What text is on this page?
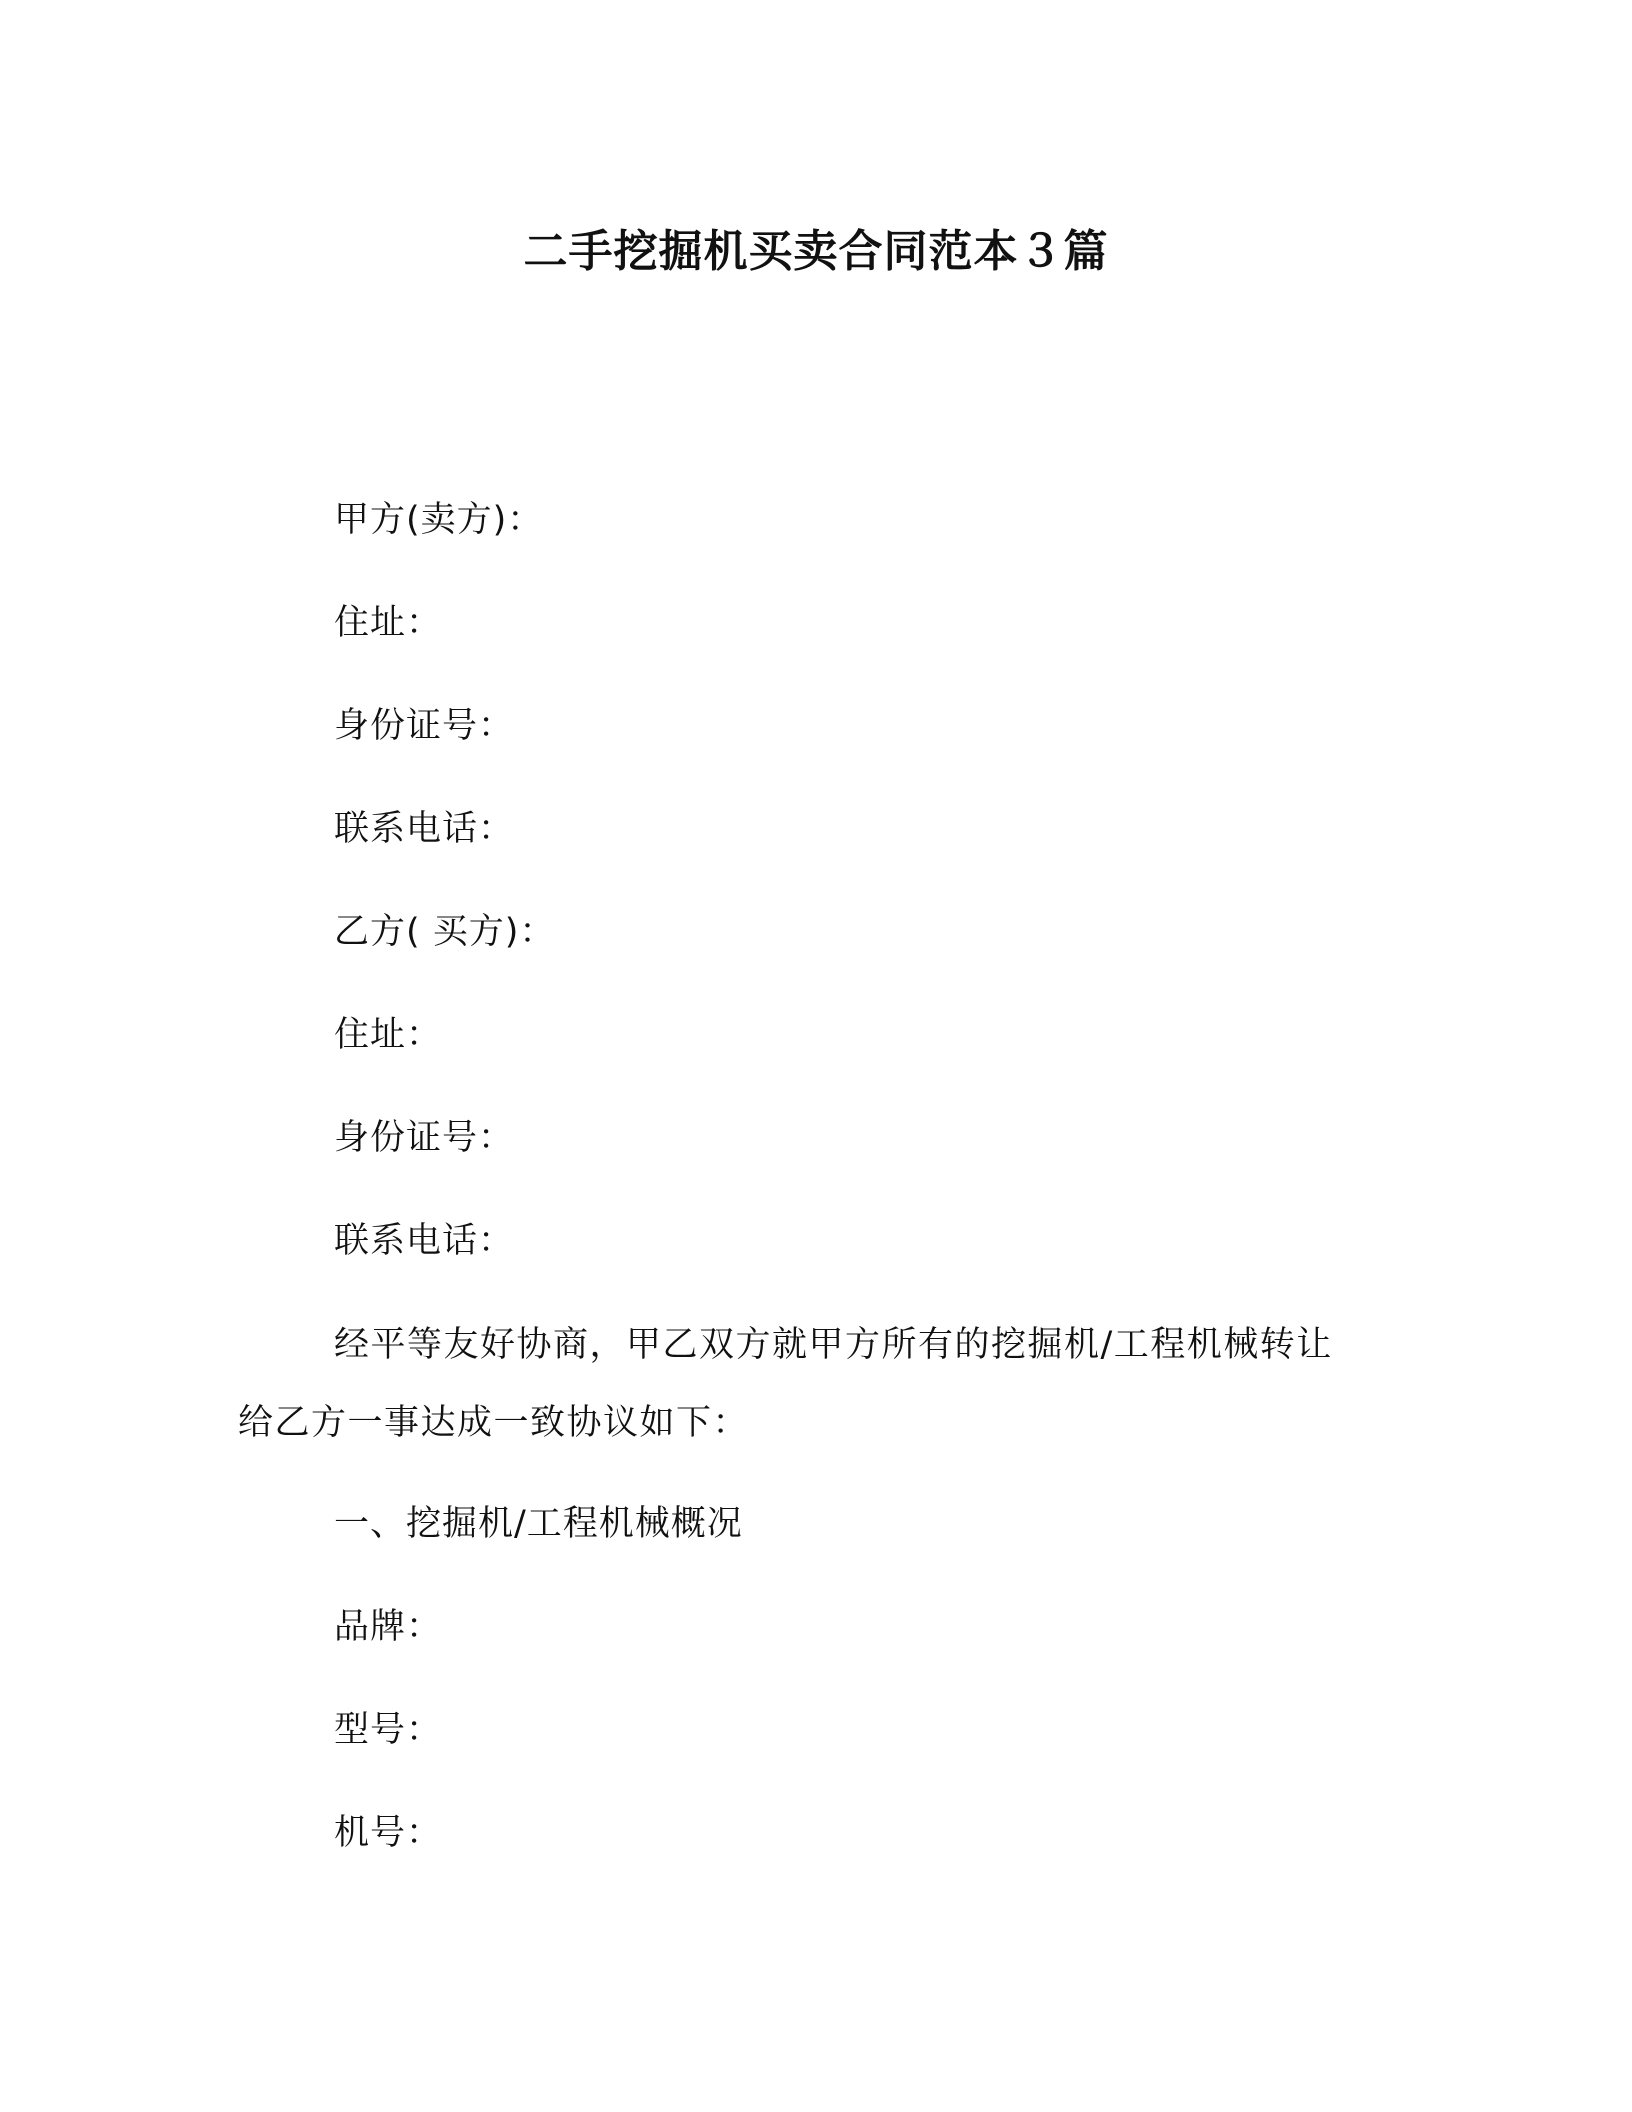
二手挖掘机买卖合同范本３篇
甲方(卖方)：
住址：
身份证号：
联系电话：
乙方( 买方)：
住址：
身份证号：
联系电话：
经平等友好协商，甲乙双方就甲方所有的挖掘机/工程机械转让
给乙方一事达成一致协议如下：
一、挖掘机/工程机械概况
品牌：
型号：
机号：
